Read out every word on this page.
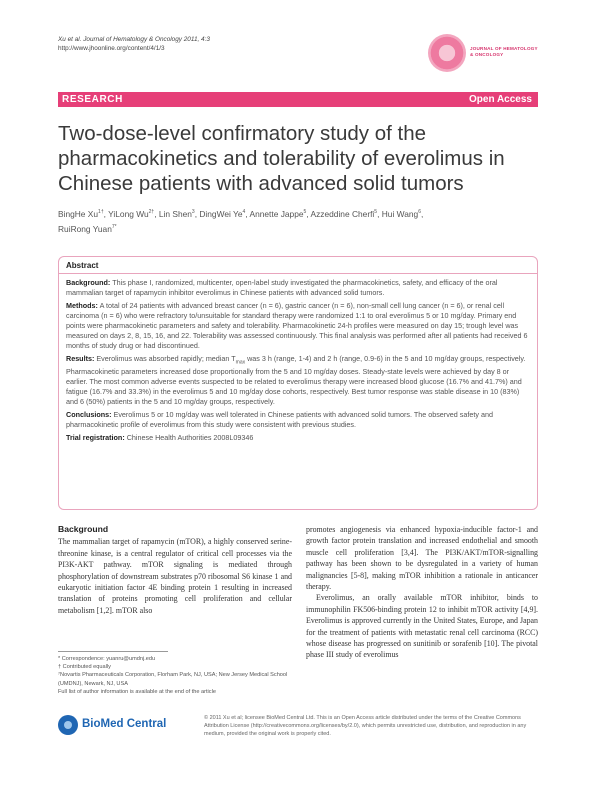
Xu et al. Journal of Hematology & Oncology 2011, 4:3
http://www.jhoonline.org/content/4/1/3	JOURNAL OF HEMATOLOGY
& ONCOLOGY
RESEARCH	Open Access
Two-dose-level confirmatory study of the pharmacokinetics and tolerability of everolimus in Chinese patients with advanced solid tumors
BingHe $Xu^{1\dagger}$, YiLong $Wu^{2\dagger}$, Lin Shen$^3$, DingWei Ye$^4$, Annette Jappe$^5$, Azzeddine Cherfi$^5$, Hui Wang$^6$,
RuiRong Yuan$^{7*}$
Abstract

Background: This phase I, randomized, multicenter, open-label study investigated the pharmacokinetics, safety, and efficacy of the oral mammalian target of rapamycin inhibitor everolimus in Chinese patients with advanced solid tumors.

Methods: A total of 24 patients with advanced breast cancer (n = 6), gastric cancer (n = 6), non-small cell lung cancer (n = 6), or renal cell carcinoma (n = 6) who were refractory to/unsuitable for standard therapy were randomized 1:1 to oral everolimus 5 or 10 mg/day. Primary end points were pharmacokinetic parameters and safety and tolerability. Pharmacokinetic 24-h profiles were measured on day 15; trough level was measured on days 2, 8, 15, 16, and 22. Tolerability was assessed continuously. This final analysis was performed after all patients had received 6 months of study drug or had discontinued.

Results: Everolimus was absorbed rapidly; median $T_{max}$ was 3 h (range, 1-4) and 2 h (range, 0.9-6) in the 5 and 10 mg/day groups, respectively. Pharmacokinetic parameters increased dose proportionally from the 5 and 10 mg/day doses. Steady-state levels were achieved by day 8 or earlier. The most common adverse events suspected to be related to everolimus therapy were increased blood glucose (16.7% and 41.7%) and fatigue (16.7% and 33.3%) in the everolimus 5 and 10 mg/day dose cohorts, respectively. Best tumor response was stable disease in 10 (83%) and 6 (50%) patients in the 5 and 10 mg/day groups, respectively.

Conclusions: Everolimus 5 or 10 mg/day was well tolerated in Chinese patients with advanced solid tumors. The observed safety and pharmacokinetic profile of everolimus from this study were consistent with previous studies.

Trial registration: Chinese Health Authorities 2008L09346

Background

The mammalian target of rapamycin (mTOR), a highly conserved serine-threonine kinase, is a central regulator of critical cell processes via the PI3K-AKT pathway. mTOR signaling is mediated through phosphorylation of downstream substrates p70 ribosomal S6 kinase 1 and eukaryotic initiation factor 4E binding protein 1 resulting in increased translation of proteins promoting cell proliferation and cellular metabolism [1,2]. mTOR also

promotes angiogenesis via enhanced hypoxia-inducible factor-1 and growth factor protein translation and increased endothelial and smooth muscle cell proliferation [3,4]. The PI3K/AKT/mTOR-signalling pathway has been shown to be dysregulated in a variety of human malignancies [5-8], making mTOR inhibition a rationale in anticancer therapy.

Everolimus, an orally available mTOR inhibitor, binds to immunophilin FK506-binding protein 12 to inhibit mTOR activity [4,9]. Everolimus is approved currently in the United States, Europe, and Japan for the treatment of patients with metastatic renal cell carcinoma (RCC) whose disease has progressed on sunitinib or sorafenib [10]. The pivotal phase III study of everolimus

* Correspondence: yuanru@umdnj.edu
† Contributed equally
⁷Novartis Pharmaceuticals Corporation, Florham Park, NJ, USA; New Jersey Medical School (UMDNJ), Newark, NJ, USA
Full list of author information is available at the end of the article
BioMed Central	© 2011 Xu et al; licensee BioMed Central Ltd. This is an Open Access article distributed under the terms of the Creative Commons Attribution License (http://creativecommons.org/licenses/by/2.0), which permits unrestricted use, distribution, and reproduction in any medium, provided the original work is properly cited.
